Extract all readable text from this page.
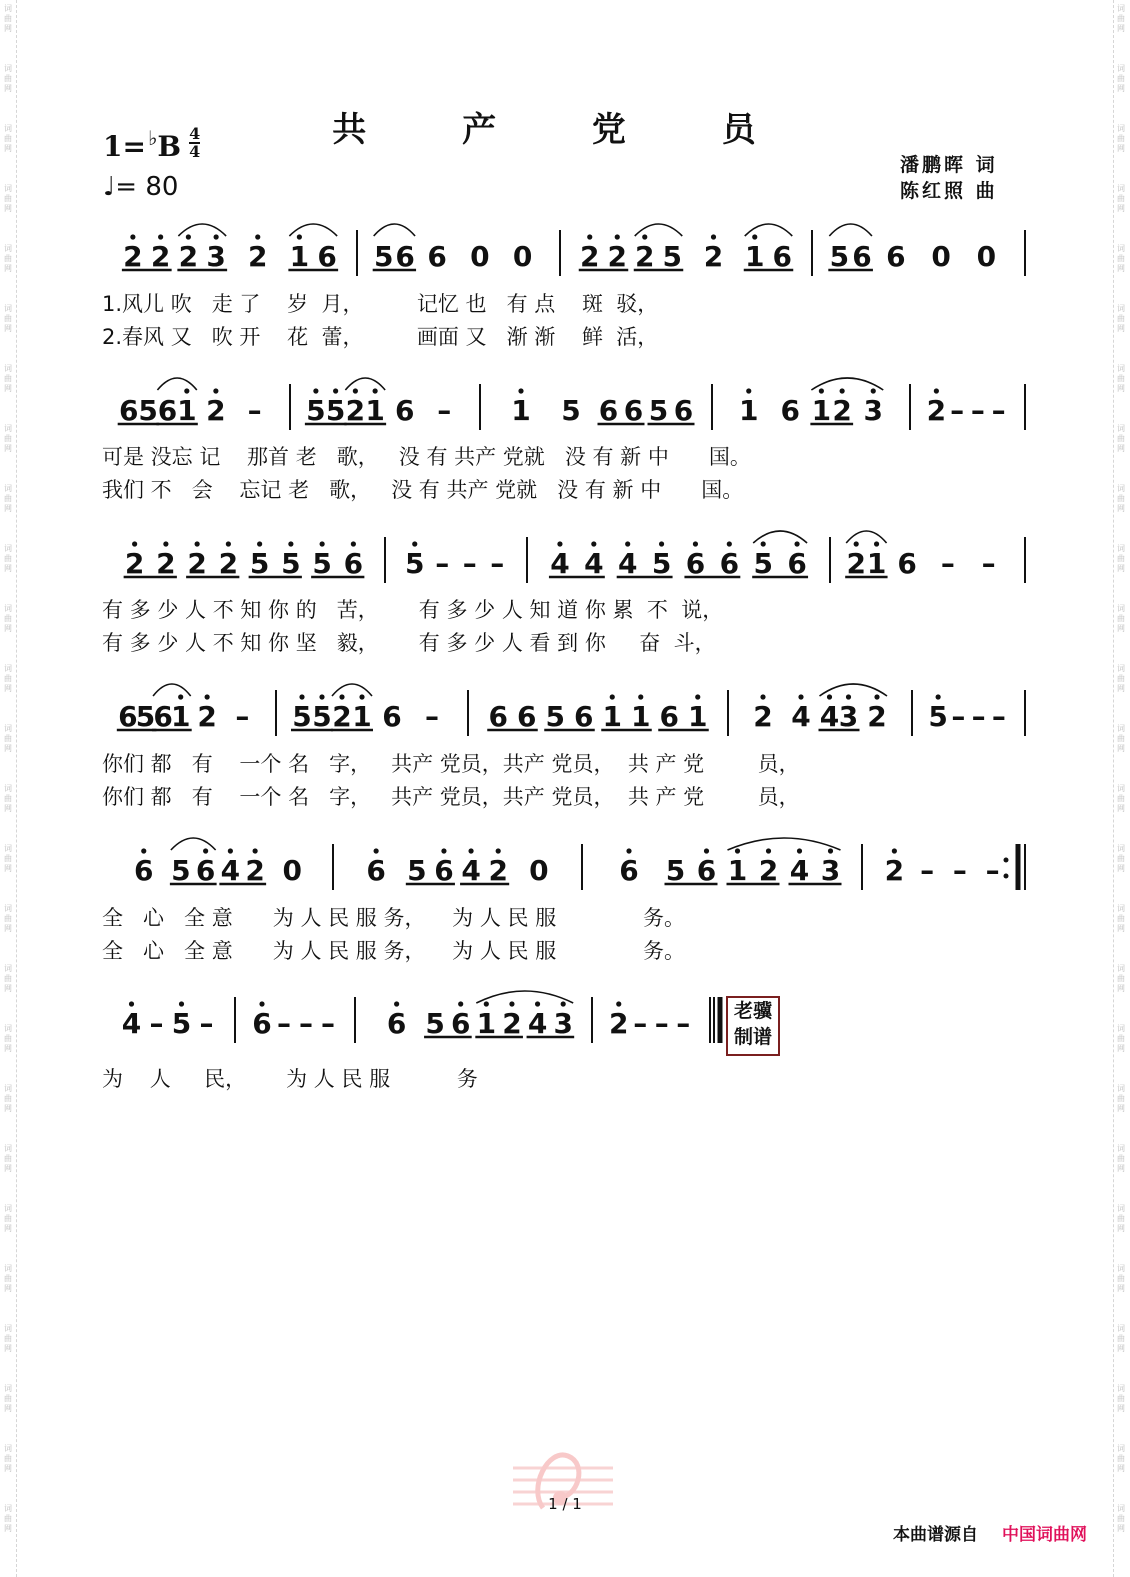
词
曲
网
词
曲
网
词
曲
网
词
曲
网
词
曲
网
词
曲
网
词
曲
网
词
曲
网
词
曲
网
词
曲
网
词
曲
网
词
曲
网
词
曲
网
词
曲
网
词
曲
网
词
曲
网
词
曲
网
词
曲
网
词
曲
网
词
曲
网
词
曲
网
词
曲
网
词
曲
网
词
曲
网
词
曲
网
词
曲
网
词
曲
网
词
曲
网
词
曲
网
词
曲
网
词
曲
网
词
曲
网
词
曲
网
词
曲
网
词
曲
网
词
曲
网
词
曲
网
词
曲
网
词
曲
网
词
曲
网
词
曲
网
词
曲
网
词
曲
网
词
曲
网
词
曲
网
词
曲
网
词
曲
网
词
曲
网
词
曲
网
词
曲
网
词
曲
网
词
曲
网
共 产 党 员
$1= ^♭B \frac{4}{4}$
♩= 80
潘鹏晖 词
陈红照 曲
2 2 2 3 2 1 6 5 6 6 0 0 2 2 2 5 2 1 6 5 6 6 0 0
6 5 6 1 2 – 5 5 2 1 6 – 1 5 6 6 5 6 1 6 1 2 3 2 – – –
2 2 2 2 5 5 5 6 5 – – – 4 4 4 5 6 6 5 6 2 1 6 – –
6
5
6
1 2 – 5 5 2 1 6 – 6 6 5 6 1 1 6 1 2 4 4 3 2 5 – – –
6 5 6 4 2 0 6 5 6 4 2 0	6 5 6 1 2 4 3 2 – – –
4 – 5 – 6 – – – 6 5 6 1 2 4 3 2 – – –
1.风儿 吹   走 了    岁  月，        记忆 也   有 点    斑  驳，
2.春风 又   吹 开    花  蕾，        画面 又   渐 渐    鲜  活，
可是 没忘 记    那首 老   歌，   没 有 共产 党就   没 有 新 中      国。
我们 不   会    忘记 老   歌，   没 有 共产 党就   没 有 新 中      国。
有 多 少 人 不 知 你 的   苦，      有 多 少 人 知 道 你 累  不  说，
有 多 少 人 不 知 你 坚   毅，      有 多 少 人 看 到 你     奋  斗，
你们 都   有    一个 名   字，   共产 党员，共产 党员，  共 产 党        员，
你们 都   有    一个 名   字，   共产 党员，共产 党员，  共 产 党        员，
全   心   全 意      为 人 民 服 务，    为 人 民 服             务。
全   心   全 意      为 人 民 服 务，    为 人 民 服             务。
为    人     民，      为 人 民 服          务
老骥
制谱
1 / 1
本曲谱源自 中国词曲网
